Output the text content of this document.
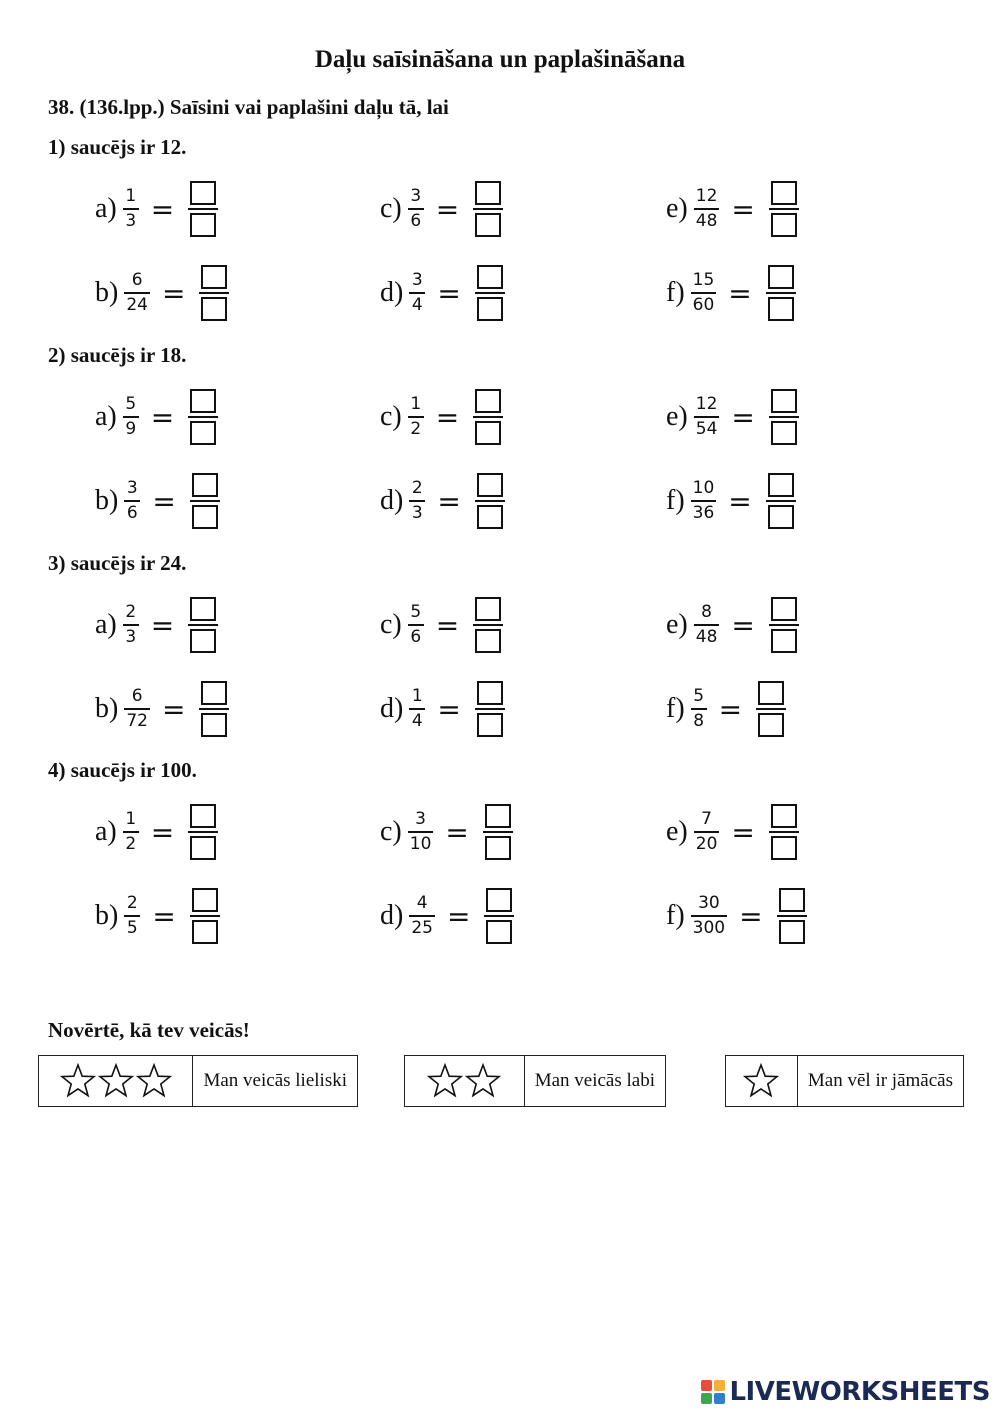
Daļu saīsināšana un paplašināšana
38. (136.lpp.) Saīsini vai paplašini daļu tā, lai
1) saucējs ir 12.
$a) \frac{1}{3}$ =
$b) \frac{6}{24}$ =
$c) \frac{3}{6}$ =
$d) \frac{3}{4}$ =
$e) \frac{12}{48}$ =
$f) \frac{15}{60}$ =
2) saucējs ir 18.
$a) \frac{5}{9}$ =
$b) \frac{3}{6}$ =
$c) \frac{1}{2}$ =
$d) \frac{2}{3}$ =
$e) \frac{12}{54}$ =
$f) \frac{10}{36}$ =
3) saucējs ir 24.
$a) \frac{2}{3}$ =
$b) \frac{6}{72}$ =
$c) \frac{5}{6}$ =
$d) \frac{1}{4}$ =
$e) \frac{8}{48}$ =
$f) \frac{5}{8}$ =
4) saucējs ir 100.
$a) \frac{1}{2}$ =
$b) \frac{2}{5}$ =
$c) \frac{3}{10}$ =
$d) \frac{4}{25}$ =
$e) \frac{7}{20}$ =
$f) \frac{30}{300}$ =
Novērtē, kā tev veicās!
Man veicās lieliski	Man veicās labi	Man vēl ir jāmācās
LIVEWORKSHEETS
